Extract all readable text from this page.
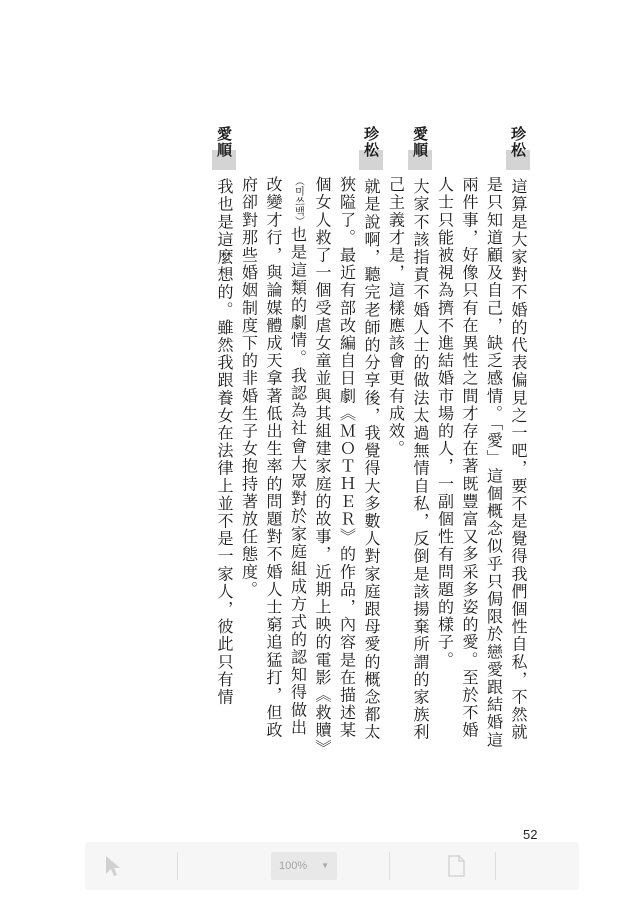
珍松這算是大家對不婚的代表偏見之一吧，要不是覺得我們個性自私，不然就是只知道顧及自己，缺乏感情。「愛」這個概念似乎只侷限於戀愛跟結婚這兩件事，好像只有在異性之間才存在著既豐富又多采多姿的愛。至於不婚人士只能被視為擠不進結婚市場的人，一副個性有問題的樣子。

愛順大家不該指責不婚人士的做法太過無情自私，反倒是該揚棄所謂的家族利己主義才是，這樣應該會更有成效。

珍松就是說啊，聽完老師的分享後，我覺得大多數人對家庭跟母愛的概念都太狹隘了。最近有部改編自日劇《ＭＯＴＨＥＲ》的作品，內容是在描述某個女人救了一個受虐女童並與其組建家庭的故事，近期上映的電影《救贖》（미쓰백）也是這類的劇情。我認為社會大眾對於家庭組成方式的認知得做出改變才行，與論媒體成天拿著低出生率的問題對不婚人士窮追猛打，但政府卻對那些婚姻制度下的非婚生子女抱持著放任態度。

愛順我也是這麼想的。雖然我跟養女在法律上並不是一家人，彼此只有情

52
100% ▼
